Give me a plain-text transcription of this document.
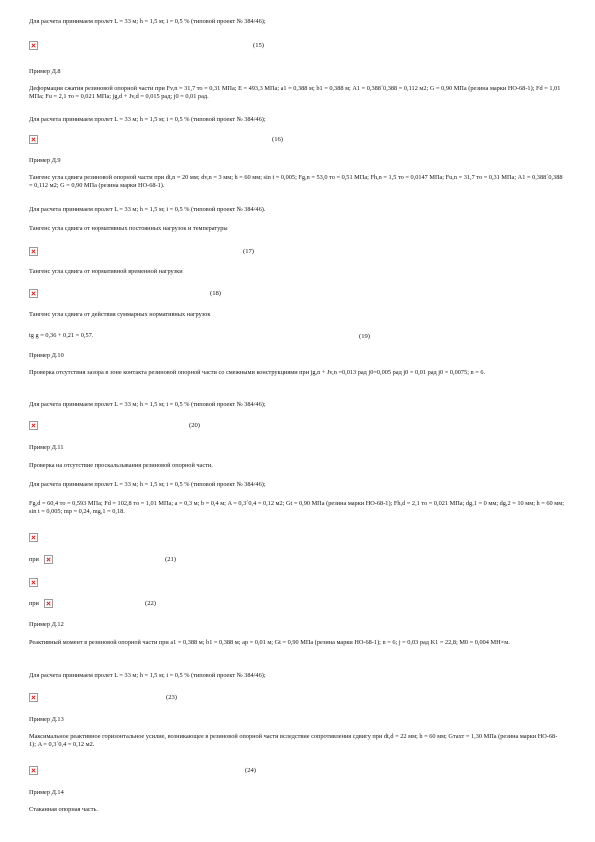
Для расчета принимаем пролет L = 33 м; h = 1,5 м; i = 0,5 % (типовой проект № 384/46);

(15)

Пример Д.8

Деформация сжатия резиновой опорной части при Fv,n = 31,7 то = 0,31 МПа; E = 493,3 МПа; a1 = 0,388 м; b1 = 0,388 м; A1 = 0,388´0,388 = 0,112 м2; G = 0,90 МПа (резина марки НО-68-1); Fd = 1,01 МПа; Fu = 2,1 то = 0,021 МПа; jg,d + Jv,d = 0,015 рад; j0 = 0,01 рад.

Для расчета принимаем пролет L = 33 м; h = 1,5 м; i = 0,5 % (типовой проект № 384/46);

(16)

Пример Д.9

Тангенс угла сдвига резиновой опорной части при dt,n = 20 мм; dv,n = 3 мм; h = 60 мм; sin t = 0,005; Fg,n = 53,0 то = 0,51 МПа; Fh,n = 1,5 то = 0,0147 МПа; Fu,n = 31,7 то = 0,31 МПа; A1 = 0,388´0,388 = 0,112 м2; G = 0,90 МПа (резина марки НО-68-1).

Для расчета принимаем пролет L = 33 м; h = 1,5 м; i = 0,5 % (типовой проект № 384/46).

Тангенс угла сдвига от нормативных постоянных нагрузок и температуры

(17)

Тангенс угла сдвига от нормативной временной нагрузки

(18)

Тангенс угла сдвига от действия суммарных нормативных нагрузок

tg g = 0,36 + 0,21 = 0,57.	(19)

Пример Д.10

Проверка отсутствия зазора в зоне контакта резиновой опорной части со смежными конструкциями при jg,n + Jv,n =0,013 рад j0=0,005 рад j0 = 0,01 рад j0 = 0,0075; n = 6.

Для расчета принимаем пролет L = 33 м; h = 1,5 м; i = 0,5 % (типовой проект № 384/46);

(20)

Пример Д.11

Проверка на отсутствие проскальзывания резиновой опорной части.

Для расчета принимаем пролет L = 33 м; h = 1,5 м; i = 0,5 % (типовой проект № 384/46);

Fg,d = 60,4 то = 0,593 МПа; Fd = 102,8 то = 1,01 МПа; a = 0,3 м; b = 0,4 м; A = 0,3´0,4 = 0,12 м2; Gt = 0,90 МПа (резина марки НО-68-1); Fh,d = 2,1 то = 0,021 МПа; dg,1 = 0 мм; dg,2 = 10 мм; h = 60 мм; sin t = 0,005; mp = 0,24, mg,1 = 0,18.

при	(21)
при	(22)

Пример Д.12

Реактивный момент в резиновой опорной части при a1 = 0,388 м; b1 = 0,388 м; ap = 0,01 м; Gt = 0,90 МПа (резина марки НО-68-1); n = 6; j = 0,03 рад K1 = 22,8; M0 = 0,004 МН×м.

Для расчета принимаем пролет L = 33 м; h = 1,5 м; i = 0,5 % (типовой проект № 384/46);

(23)

Пример Д.13

Максимальное реактивное горизонтальное усилие, возникающее в резиновой опорной части вследствие сопротивления сдвигу при dt,d = 22 мм; h = 60 мм; Gтахт = 1,30 МПа (резина марки НО-68-1); A = 0,3´0,4 = 0,12 м2.

(24)

Пример Д.14

Стаканная опорная часть.
